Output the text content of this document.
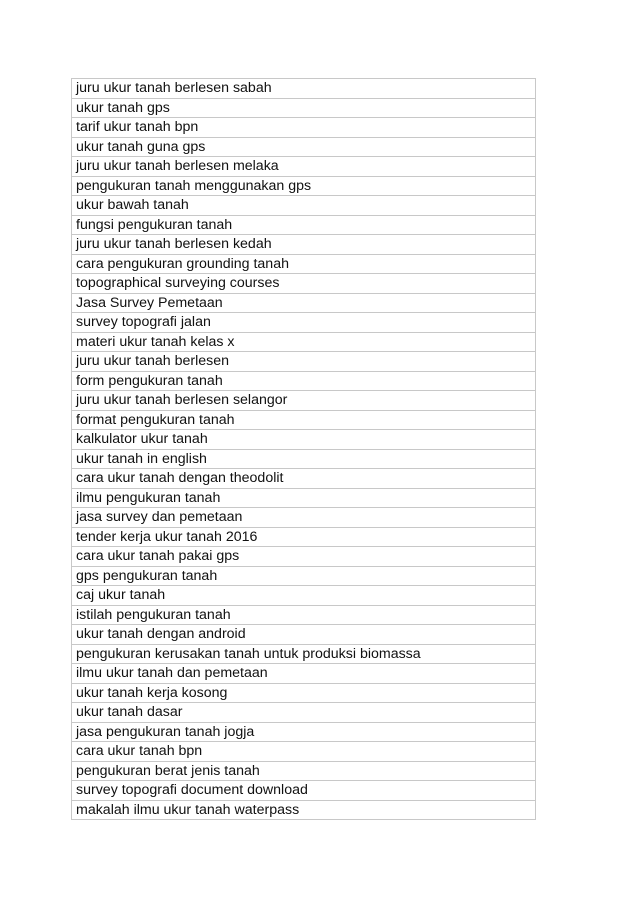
juru ukur tanah berlesen sabah
ukur tanah gps
tarif ukur tanah bpn
ukur tanah guna gps
juru ukur tanah berlesen melaka
pengukuran tanah menggunakan gps
ukur bawah tanah
fungsi pengukuran tanah
juru ukur tanah berlesen kedah
cara pengukuran grounding tanah
topographical surveying courses
Jasa Survey Pemetaan
survey topografi jalan
materi ukur tanah kelas x
juru ukur tanah berlesen
form pengukuran tanah
juru ukur tanah berlesen selangor
format pengukuran tanah
kalkulator ukur tanah
ukur tanah in english
cara ukur tanah dengan theodolit
ilmu pengukuran tanah
jasa survey dan pemetaan
tender kerja ukur tanah 2016
cara ukur tanah pakai gps
gps pengukuran tanah
caj ukur tanah
istilah pengukuran tanah
ukur tanah dengan android
pengukuran kerusakan tanah untuk produksi biomassa
ilmu ukur tanah dan pemetaan
ukur tanah kerja kosong
ukur tanah dasar
jasa pengukuran tanah jogja
cara ukur tanah bpn
pengukuran berat jenis tanah
survey topografi document download
makalah ilmu ukur tanah waterpass
